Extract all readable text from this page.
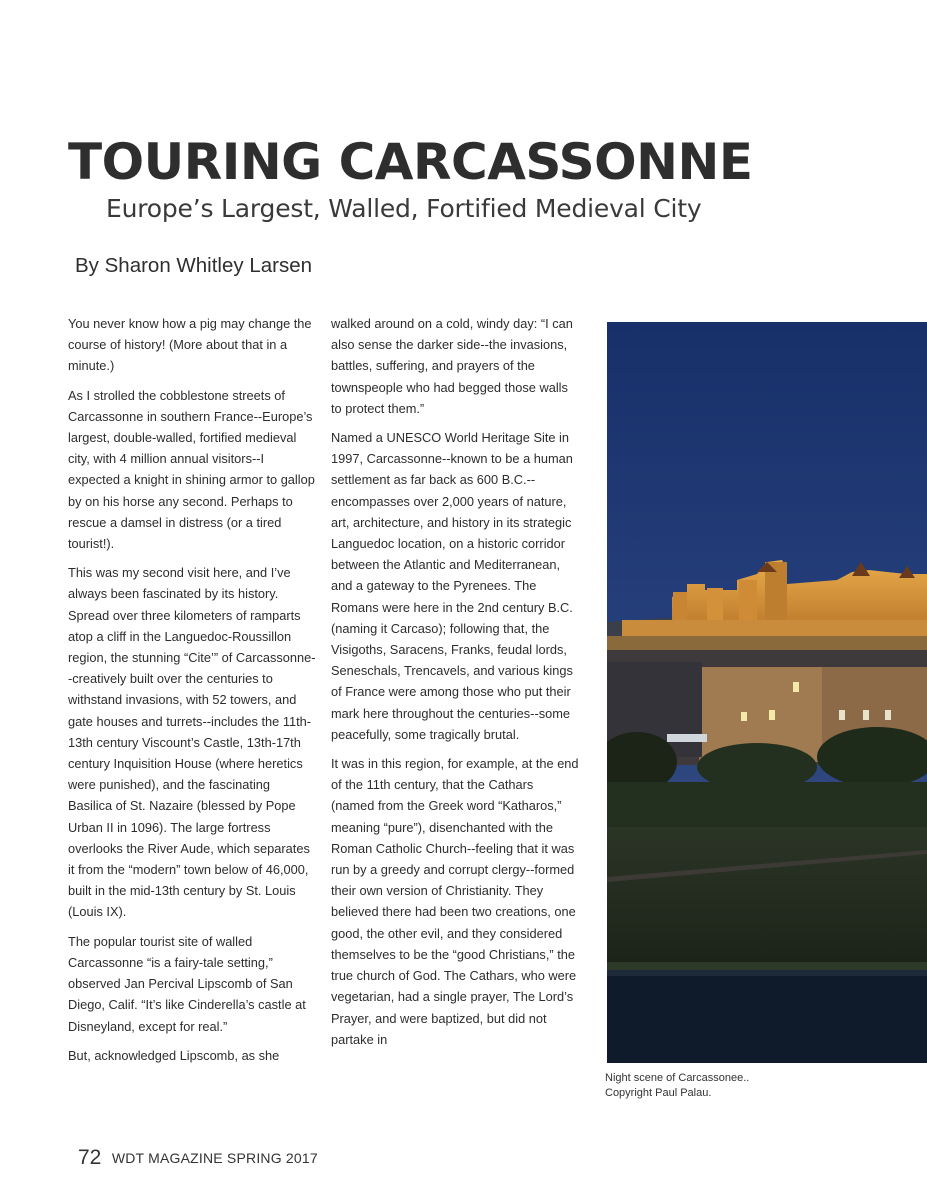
TOURING CARCASSONNE
Europe’s Largest, Walled, Fortified Medieval City
By Sharon Whitley Larsen

You never know how a pig may change the course of history! (More about that in a minute.)

As I strolled the cobblestone streets of Carcassonne in southern France--Europe’s largest, double-walled, fortified medieval city, with 4 million annual visitors--I expected a knight in shining armor to gallop by on his horse any second. Perhaps to rescue a damsel in distress (or a tired tourist!).

This was my second visit here, and I’ve always been fascinated by its history. Spread over three kilometers of ramparts atop a cliff in the Languedoc-Roussillon region, the stunning “Cite’” of Carcassonne--creatively built over the centuries to withstand invasions, with 52 towers, and gate houses and turrets--includes the 11th-13th century Viscount’s Castle, 13th-17th century Inquisition House (where heretics were punished), and the fascinating Basilica of St. Nazaire (blessed by Pope Urban II in 1096). The large fortress overlooks the River Aude, which separates it from the “modern” town below of 46,000, built in the mid-13th century by St. Louis (Louis IX).

The popular tourist site of walled Carcassonne “is a fairy-tale setting,” observed Jan Percival Lipscomb of San Diego, Calif. “It’s like Cinderella’s castle at Disneyland, except for real.”

But, acknowledged Lipscomb, as she

walked around on a cold, windy day: “I can also sense the darker side--the invasions, battles, suffering, and prayers of the townspeople who had begged those walls to protect them.”

Named a UNESCO World Heritage Site in 1997, Carcassonne--known to be a human settlement as far back as 600 B.C.--encompasses over 2,000 years of nature, art, architecture, and history in its strategic Languedoc location, on a historic corridor between the Atlantic and Mediterranean, and a gateway to the Pyrenees. The Romans were here in the 2nd century B.C. (naming it Carcaso); following that, the Visigoths, Saracens, Franks, feudal lords, Seneschals, Trencavels, and various kings of France were among those who put their mark here throughout the centuries--some peacefully, some tragically brutal.

It was in this region, for example, at the end of the 11th century, that the Cathars (named from the Greek word “Katharos,” meaning “pure”), disenchanted with the Roman Catholic Church--feeling that it was run by a greedy and corrupt clergy--formed their own version of Christianity. They believed there had been two creations, one good, the other evil, and they considered themselves to be the “good Christians,” the true church of God. The Cathars, who were vegetarian, had a single prayer, The Lord’s Prayer, and were baptized, but did not partake in

Night scene of Carcassonee..
Copyright Paul Palau.
72 WDT MAGAZINE SPRING 2017
